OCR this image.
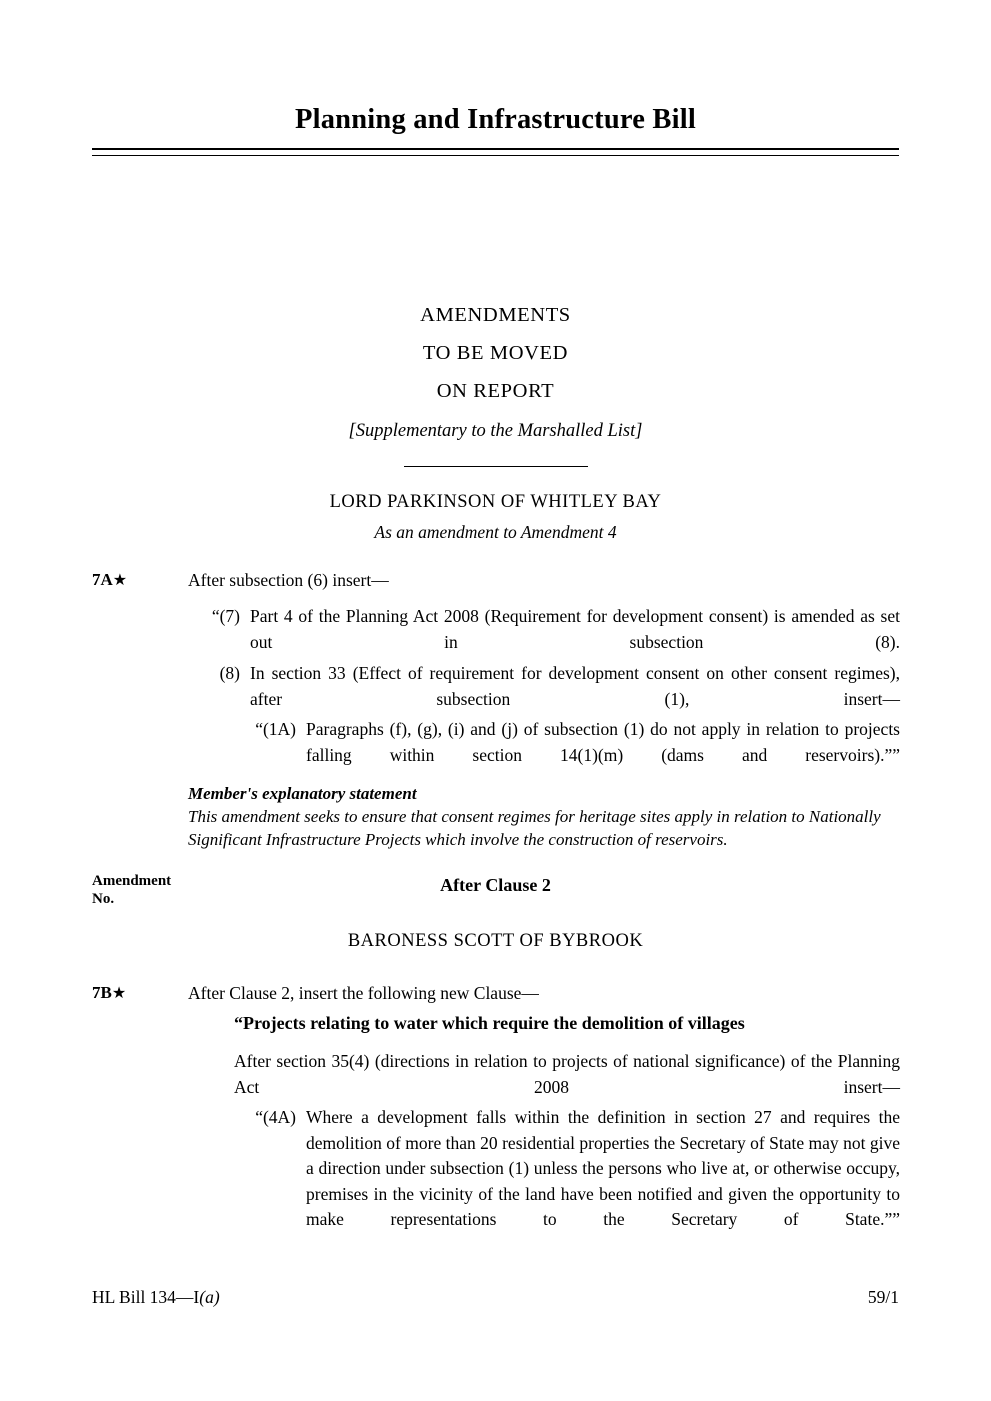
Planning and Infrastructure Bill
AMENDMENTS
TO BE MOVED
ON REPORT
[Supplementary to the Marshalled List]
LORD PARKINSON OF WHITLEY BAY
As an amendment to Amendment 4
7A★	After subsection (6) insert—
“(7) Part 4 of the Planning Act 2008 (Requirement for development consent) is amended as set out in subsection (8).
(8) In section 33 (Effect of requirement for development consent on other consent regimes), after subsection (1), insert—
“(1A) Paragraphs (f), (g), (i) and (j) of subsection (1) do not apply in relation to projects falling within section 14(1)(m) (dams and reservoirs).””
Member's explanatory statement
This amendment seeks to ensure that consent regimes for heritage sites apply in relation to Nationally Significant Infrastructure Projects which involve the construction of reservoirs.
Amendment
No.
After Clause 2
BARONESS SCOTT OF BYBROOK
7B★	After Clause 2, insert the following new Clause—
“Projects relating to water which require the demolition of villages
After section 35(4) (directions in relation to projects of national significance) of the Planning Act 2008 insert—
“(4A) Where a development falls within the definition in section 27 and requires the demolition of more than 20 residential properties the Secretary of State may not give a direction under subsection (1) unless the persons who live at, or otherwise occupy, premises in the vicinity of the land have been notified and given the opportunity to make representations to the Secretary of State.””
HL Bill 134—I(a)	59/1
